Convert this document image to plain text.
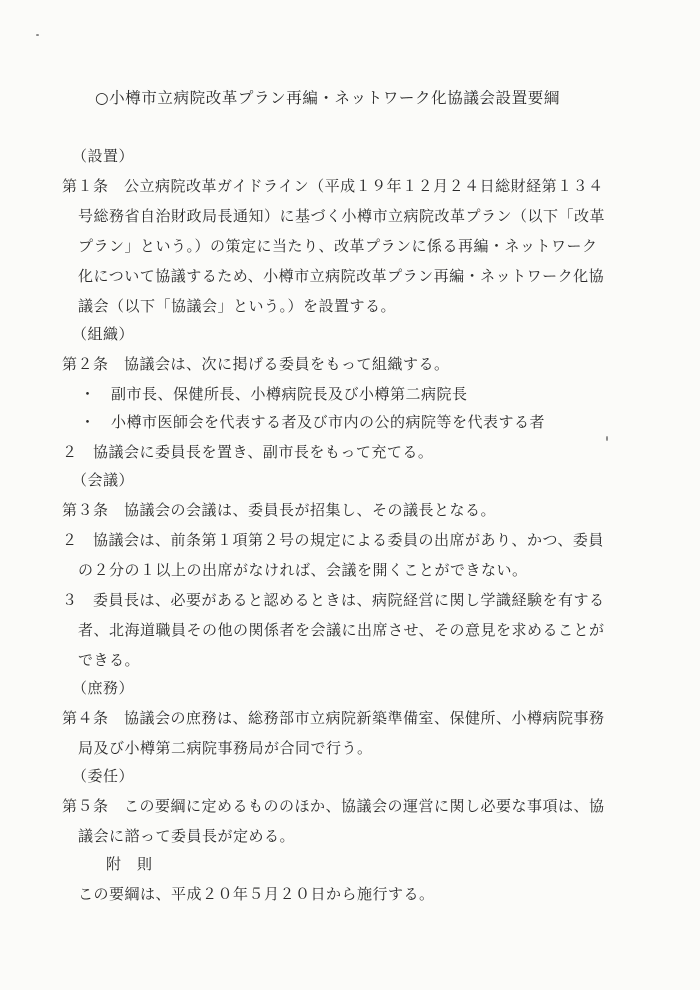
○小樽市立病院改革プラン再編・ネットワーク化協議会設置要綱
（設置）
第１条　公立病院改革ガイドライン（平成１９年１２月２４日総財経第１３４
号総務省自治財政局長通知）に基づく小樽市立病院改革プラン（以下「改革
プラン」という。）の策定に当たり、改革プランに係る再編・ネットワーク
化について協議するため、小樽市立病院改革プラン再編・ネットワーク化協
議会（以下「協議会」という。）を設置する。
（組織）
第２条　協議会は、次に掲げる委員をもって組織する。
・　副市長、保健所長、小樽病院長及び小樽第二病院長
・　小樽市医師会を代表する者及び市内の公的病院等を代表する者
２　協議会に委員長を置き、副市長をもって充てる。
（会議）
第３条　協議会の会議は、委員長が招集し、その議長となる。
２　協議会は、前条第１項第２号の規定による委員の出席があり、かつ、委員
の２分の１以上の出席がなければ、会議を開くことができない。
３　委員長は、必要があると認めるときは、病院経営に関し学識経験を有する
者、北海道職員その他の関係者を会議に出席させ、その意見を求めることが
できる。
（庶務）
第４条　協議会の庶務は、総務部市立病院新築準備室、保健所、小樽病院事務
局及び小樽第二病院事務局が合同で行う。
（委任）
第５条　この要綱に定めるもののほか、協議会の運営に関し必要な事項は、協
議会に諮って委員長が定める。
附　則
この要綱は、平成２０年５月２０日から施行する。
